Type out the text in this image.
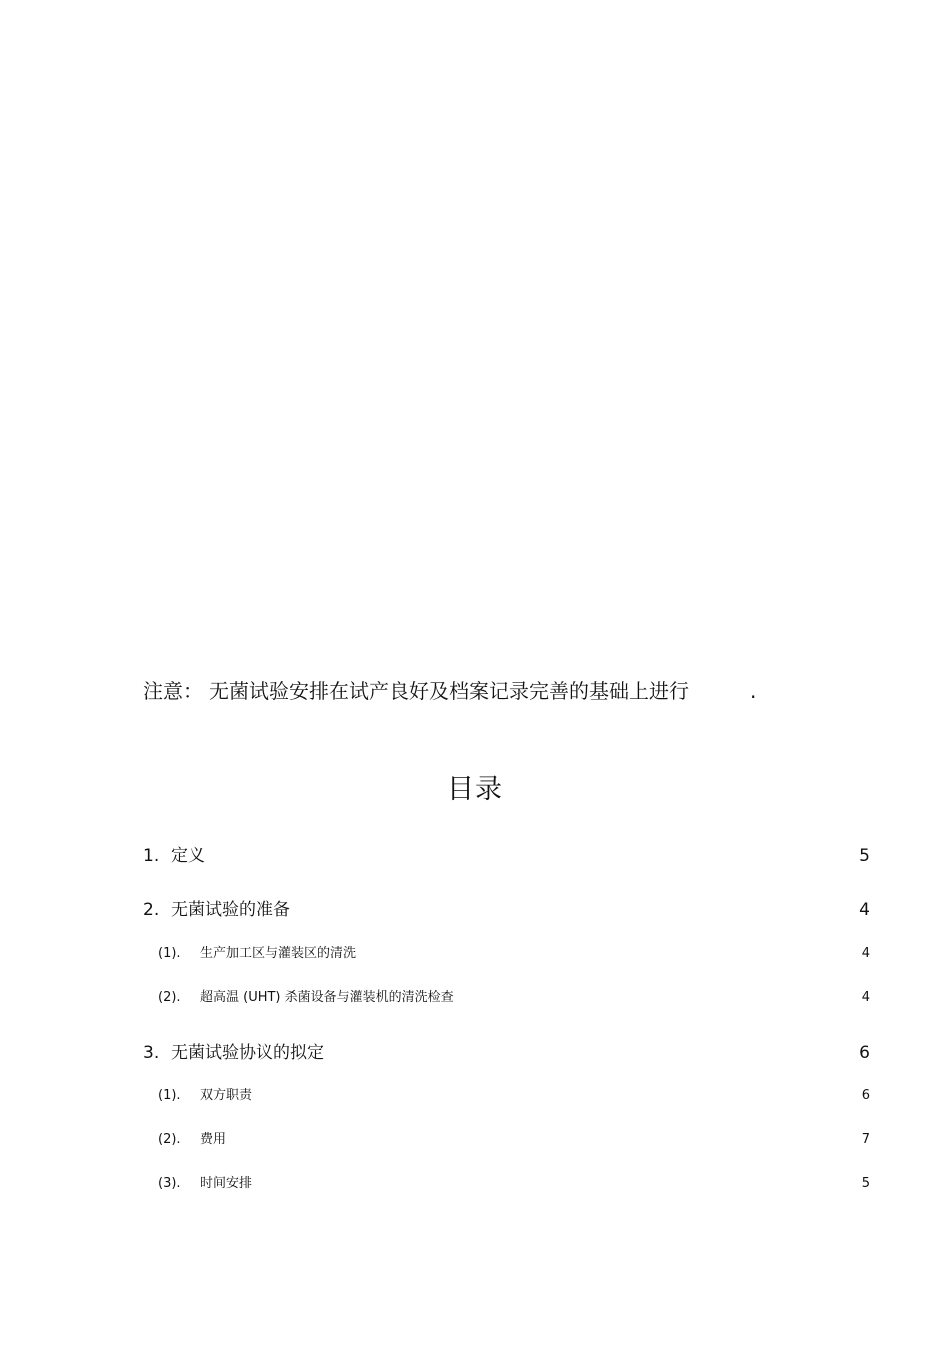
注意： 无菌试验安排在试产良好及档案记录完善的基础上进行	.
目录
1. 定义	5
2. 无菌试验的准备	4
(1). 生产加工区与灌装区的清洗	4
(2). 超高温 (UHT) 杀菌设备与灌装机的清洗检查	4
3. 无菌试验协议的拟定	6
(1). 双方职责	6
(2). 费用	7
(3). 时间安排	5
